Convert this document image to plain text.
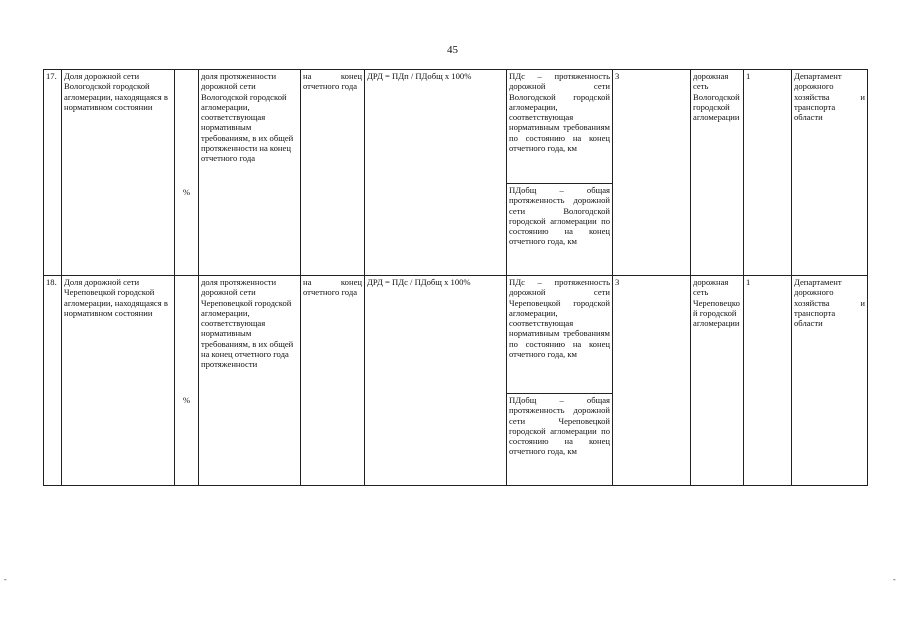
45
17.	Доля дорожной сети Вологодской городской агломерации, находящаяся в нормативном состоянии	%	доля протяженности дорожной сети Вологодской городской агломерации, соответствующая нормативным требованиям, в их общей протяженности на конец отчетного года	на конец отчетного года	ДРД = ПДп / ПДобщ х 100%	ПДс – протяженность дорожной сети Вологодской городской агломерации, соответствующая нормативным требованиям по состоянию на конец отчетного года, км	3	дорожная сеть Вологодской городской агломерации	1	Департамент дорожного хозяйства и транспорта области
						ПДобщ – общая протяженность дорожной сети Вологодской городской агломерации по состоянию на конец отчетного года, км				
18.	Доля дорожной сети Череповецкой городской агломерации, находящаяся в нормативном состоянии	%	доля протяженности дорожной сети Череповецкой городской агломерации, соответствующая нормативным требованиям, в их общей на конец отчетного года протяженности	на конец отчетного года	ДРД = ПДс / ПДобщ х 100%	ПДс – протяженность дорожной сети Череповецкой городской агломерации, соответствующая нормативным требованиям по состоянию на конец отчетного года, км	3	дорожная сеть Череповецкой городской агломерации	1	Департамент дорожного хозяйства и транспорта области
						ПДобщ – общая протяженность дорожной сети Череповецкой городской агломерации по состоянию на конец отчетного года, км				
-	-
